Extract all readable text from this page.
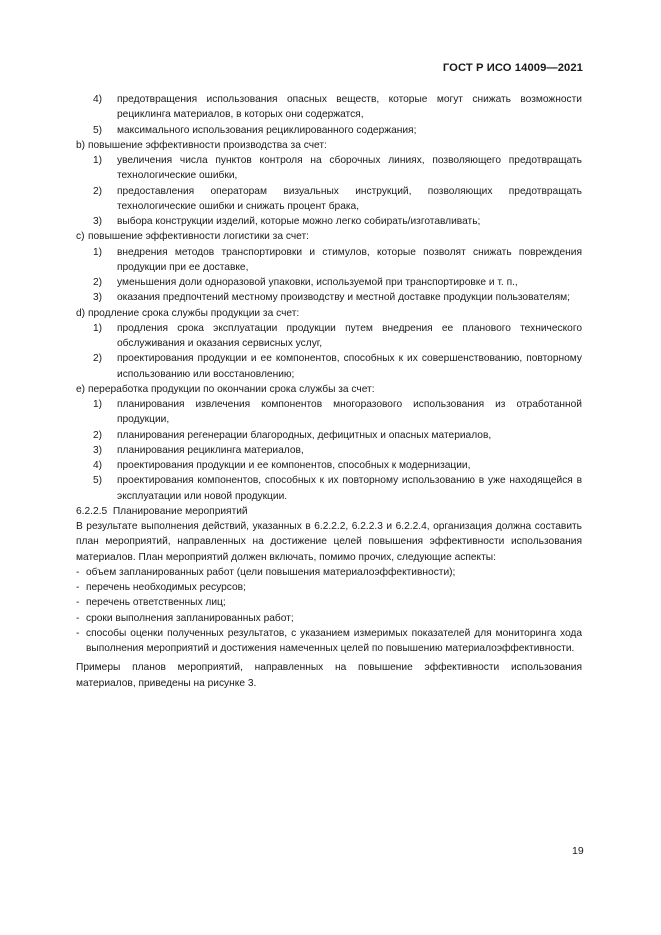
ГОСТ Р ИСО 14009—2021
4) предотвращения использования опасных веществ, которые могут снижать возможности рециклинга материалов, в которых они содержатся,
5) максимального использования рециклированного содержания;
b) повышение эффективности производства за счет:
1) увеличения числа пунктов контроля на сборочных линиях, позволяющего предотвращать технологические ошибки,
2) предоставления операторам визуальных инструкций, позволяющих предотвращать технологические ошибки и снижать процент брака,
3) выбора конструкции изделий, которые можно легко собирать/изготавливать;
c) повышение эффективности логистики за счет:
1) внедрения методов транспортировки и стимулов, которые позволят снижать повреждения продукции при ее доставке,
2) уменьшения доли одноразовой упаковки, используемой при транспортировке и т. п.,
3) оказания предпочтений местному производству и местной доставке продукции пользователям;
d) продление срока службы продукции за счет:
1) продления срока эксплуатации продукции путем внедрения ее планового технического обслуживания и оказания сервисных услуг,
2) проектирования продукции и ее компонентов, способных к их совершенствованию, повторному использованию или восстановлению;
e) переработка продукции по окончании срока службы за счет:
1) планирования извлечения компонентов многоразового использования из отработанной продукции,
2) планирования регенерации благородных, дефицитных и опасных материалов,
3) планирования рециклинга материалов,
4) проектирования продукции и ее компонентов, способных к модернизации,
5) проектирования компонентов, способных к их повторному использованию в уже находящейся в эксплуатации или новой продукции.
6.2.2.5 Планирование мероприятий
В результате выполнения действий, указанных в 6.2.2.2, 6.2.2.3 и 6.2.2.4, организация должна составить план мероприятий, направленных на достижение целей повышения эффективности использования материалов. План мероприятий должен включать, помимо прочих, следующие аспекты:
- объем запланированных работ (цели повышения материалоэффективности);
- перечень необходимых ресурсов;
- перечень ответственных лиц;
- сроки выполнения запланированных работ;
- способы оценки полученных результатов, с указанием измеримых показателей для мониторинга хода выполнения мероприятий и достижения намеченных целей по повышению материалоэффективности.
Примеры планов мероприятий, направленных на повышение эффективности использования материалов, приведены на рисунке 3.
19
